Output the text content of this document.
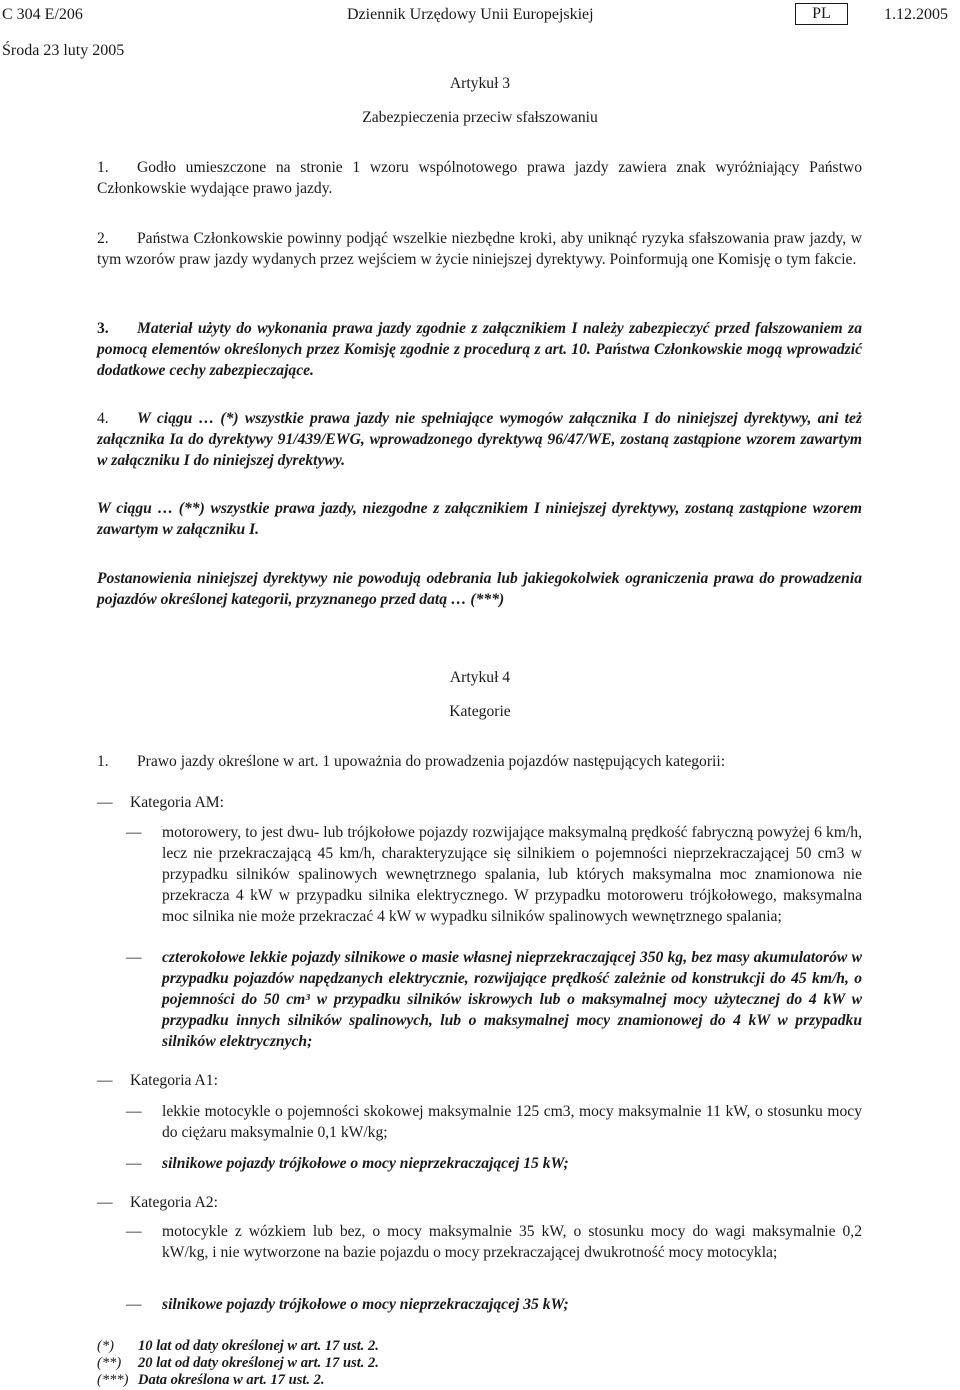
C 304 E/206	Dziennik Urzędowy Unii Europejskiej	PL	1.12.2005
Środa 23 luty 2005
Artykuł 3
Zabezpieczenia przeciw sfałszowaniu
1. Godło umieszczone na stronie 1 wzoru wspólnotowego prawa jazdy zawiera znak wyróżniający Państwo Członkowskie wydające prawo jazdy.
2. Państwa Członkowskie powinny podjąć wszelkie niezbędne kroki, aby uniknąć ryzyka sfałszowania praw jazdy, w tym wzorów praw jazdy wydanych przez wejściem w życie niniejszej dyrektywy. Poinformują one Komisję o tym fakcie.
3. Materiał użyty do wykonania prawa jazdy zgodnie z załącznikiem I należy zabezpieczyć przed fałszowaniem za pomocą elementów określonych przez Komisję zgodnie z procedurą z art. 10. Państwa Członkowskie mogą wprowadzić dodatkowe cechy zabezpieczające.
4. W ciągu … (*) wszystkie prawa jazdy nie spełniające wymogów załącznika I do niniejszej dyrektywy, ani też załącznika Ia do dyrektywy 91/439/EWG, wprowadzonego dyrektywą 96/47/WE, zostaną zastąpione wzorem zawartym w załączniku I do niniejszej dyrektywy.
W ciągu … (**) wszystkie prawa jazdy, niezgodne z załącznikiem I niniejszej dyrektywy, zostaną zastąpione wzorem zawartym w załączniku I.
Postanowienia niniejszej dyrektywy nie powodują odebrania lub jakiegokolwiek ograniczenia prawa do prowadzenia pojazdów określonej kategorii, przyznanego przed datą … (***)
Artykuł 4
Kategorie
1. Prawo jazdy określone w art. 1 upoważnia do prowadzenia pojazdów następujących kategorii:
— Kategoria AM:
—	motorowery, to jest dwu- lub trójkołowe pojazdy rozwijające maksymalną prędkość fabryczną powyżej 6 km/h, lecz nie przekraczającą 45 km/h, charakteryzujące się silnikiem o pojemności nieprzekraczającej 50 cm3 w przypadku silników spalinowych wewnętrznego spalania, lub których maksymalna moc znamionowa nie przekracza 4 kW w przypadku silnika elektrycznego. W przypadku motoroweru trójkołowego, maksymalna moc silnika nie może przekraczać 4 kW w wypadku silników spalinowych wewnętrznego spalania;
—	czterokołowe lekkie pojazdy silnikowe o masie własnej nieprzekraczającej 350 kg, bez masy akumulatorów w przypadku pojazdów napędzanych elektrycznie, rozwijające prędkość zależnie od konstrukcji do 45 km/h, o pojemności do 50 cm³ w przypadku silników iskrowych lub o maksymalnej mocy użytecznej do 4 kW w przypadku innych silników spalinowych, lub o maksymalnej mocy znamionowej do 4 kW w przypadku silników elektrycznych;
— Kategoria A1:
—	lekkie motocykle o pojemności skokowej maksymalnie 125 cm3, mocy maksymalnie 11 kW, o stosunku mocy do ciężaru maksymalnie 0,1 kW/kg;
—	silnikowe pojazdy trójkołowe o mocy nieprzekraczającej 15 kW;
— Kategoria A2:
—	motocykle z wózkiem lub bez, o mocy maksymalnie 35 kW, o stosunku mocy do wagi maksymalnie 0,2 kW/kg, i nie wytworzone na bazie pojazdu o mocy przekraczającej dwukrotność mocy motocykla;
—	silnikowe pojazdy trójkołowe o mocy nieprzekraczającej 35 kW;
(*) 10 lat od daty określonej w art. 17 ust. 2.
(**) 20 lat od daty określonej w art. 17 ust. 2.
(***) Data określona w art. 17 ust. 2.
